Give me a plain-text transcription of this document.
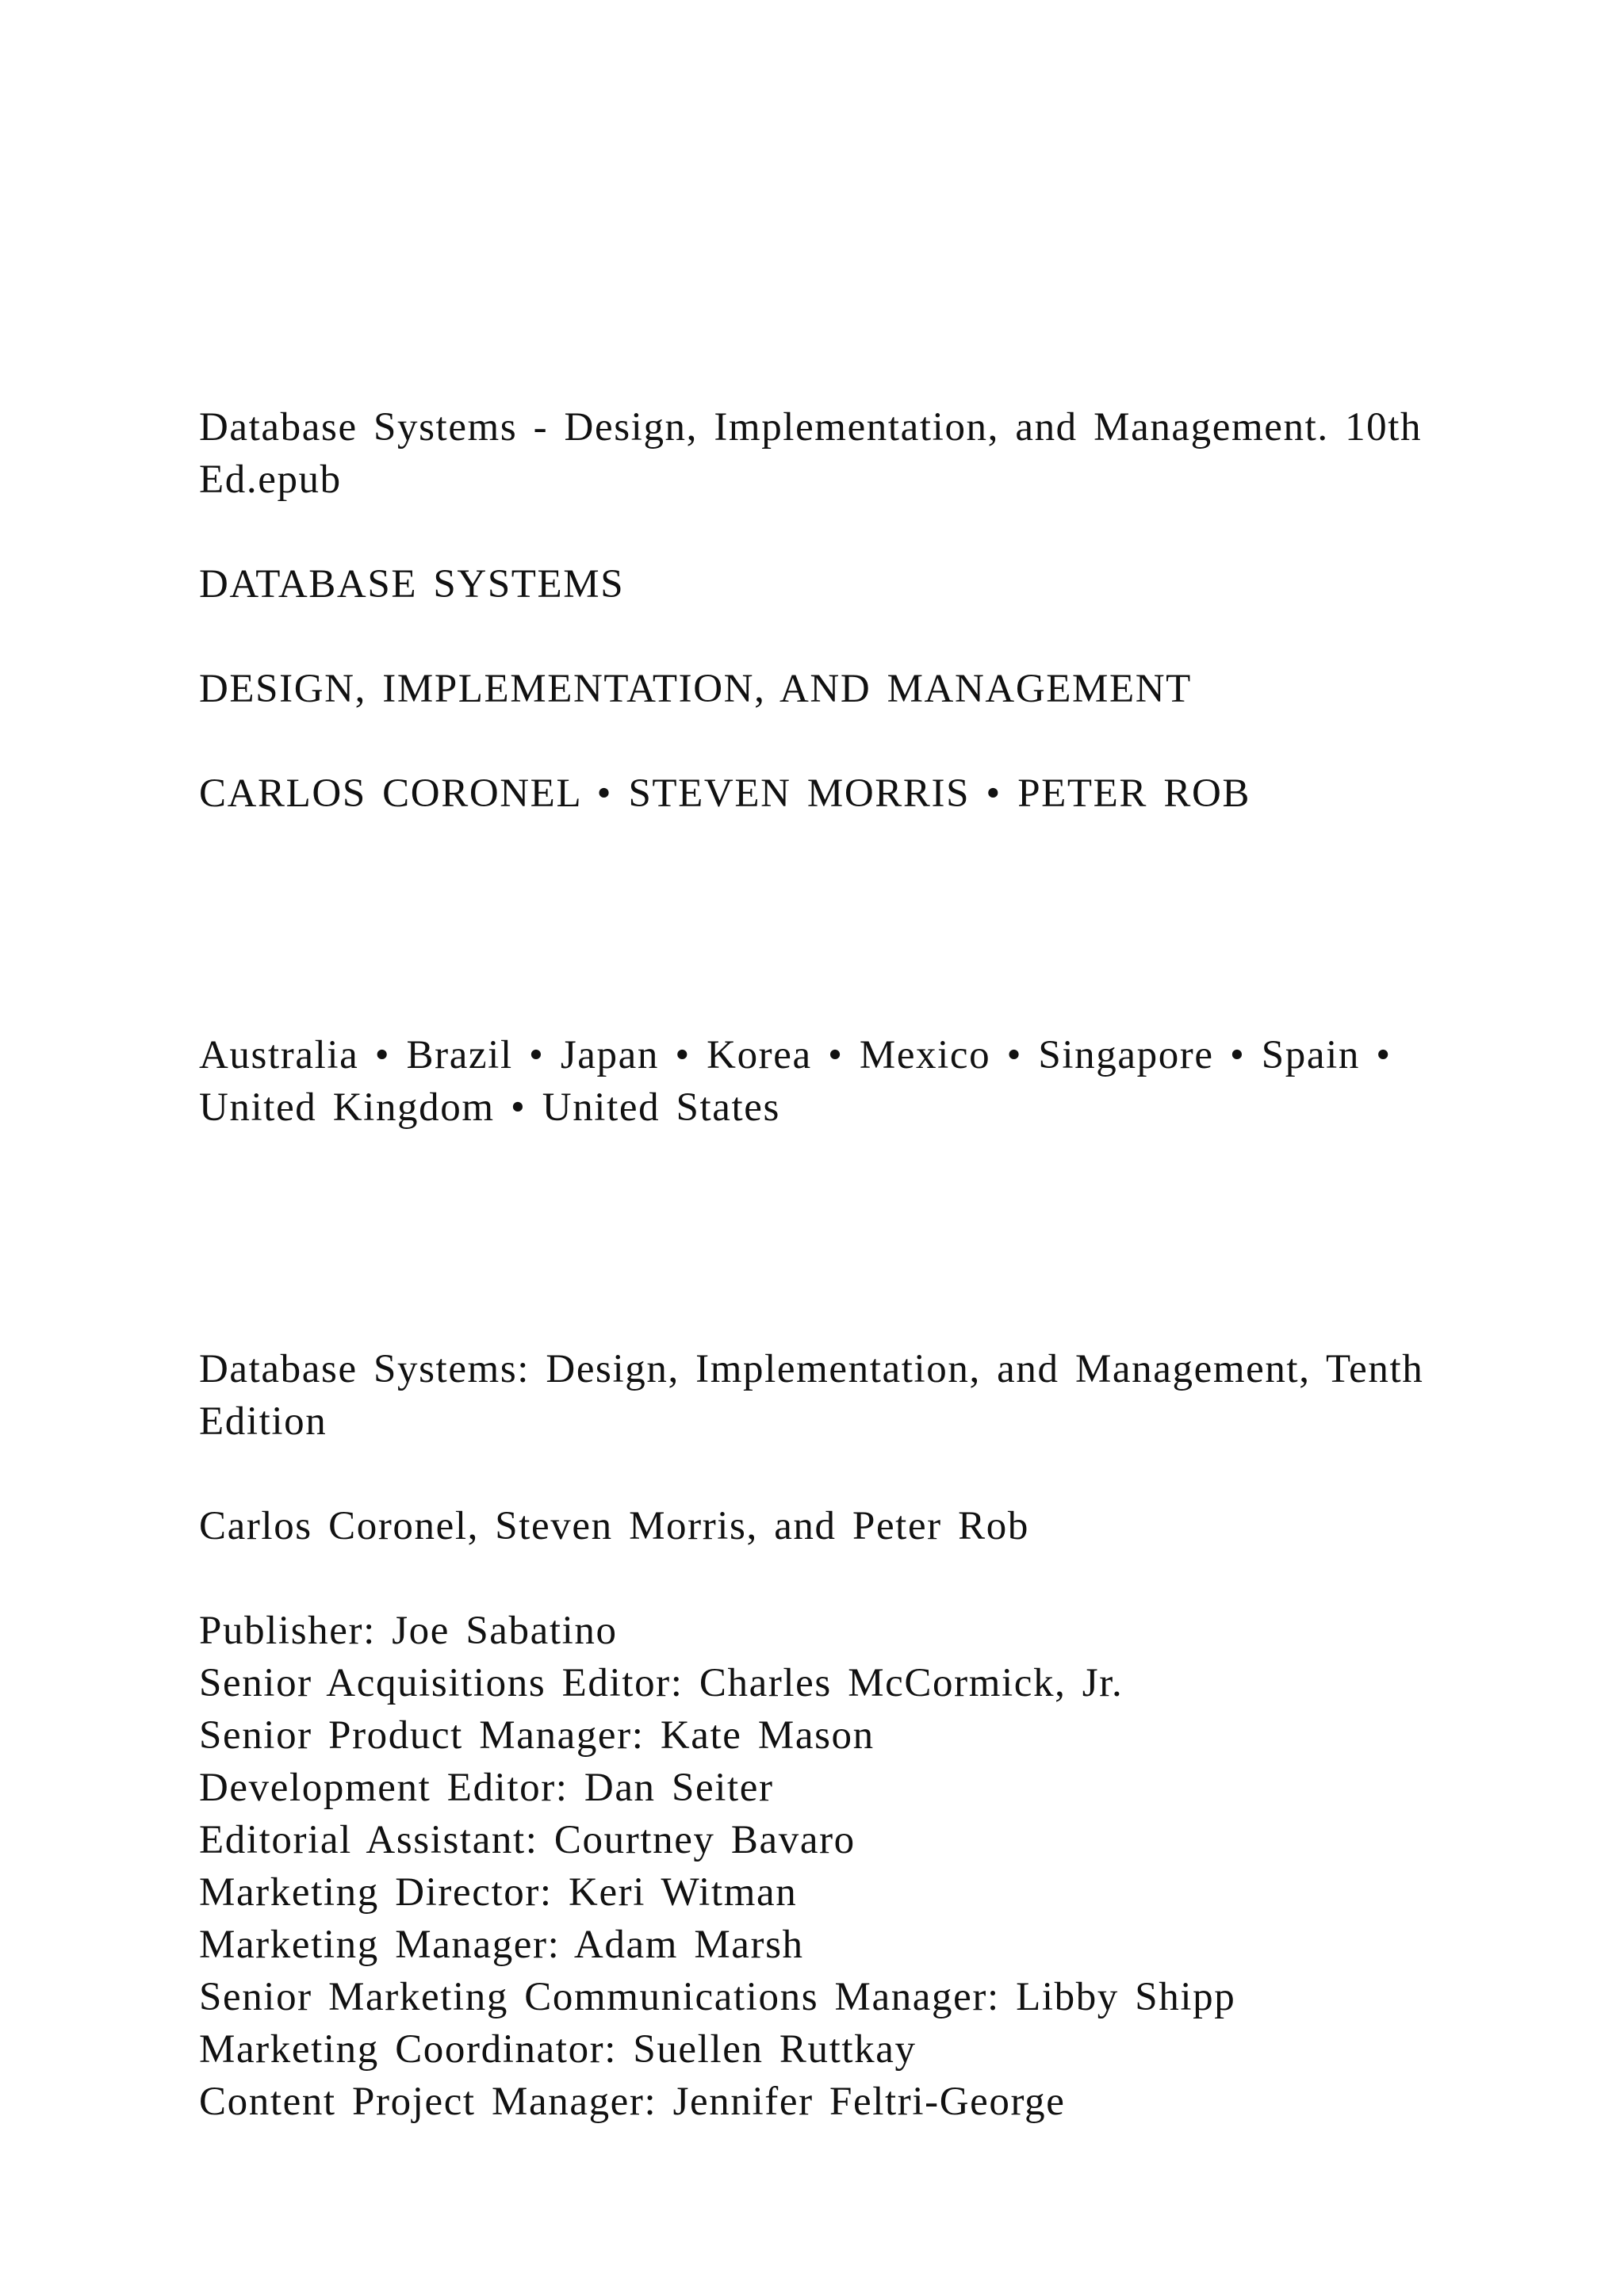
Database Systems - Design, Implementation, and Management. 10th Ed.epub

DATABASE SYSTEMS

DESIGN, IMPLEMENTATION, AND MANAGEMENT

CARLOS CORONEL • STEVEN MORRIS • PETER ROB

Australia • Brazil • Japan • Korea • Mexico • Singapore • Spain • United Kingdom • United States

Database Systems: Design, Implementation, and Management, Tenth Edition

Carlos Coronel, Steven Morris, and Peter Rob

Publisher: Joe Sabatino
Senior Acquisitions Editor: Charles McCormick, Jr.
Senior Product Manager: Kate Mason
Development Editor: Dan Seiter
Editorial Assistant: Courtney Bavaro
Marketing Director: Keri Witman
Marketing Manager: Adam Marsh
Senior Marketing Communications Manager: Libby Shipp
Marketing Coordinator: Suellen Ruttkay
Content Project Manager: Jennifer Feltri-George
